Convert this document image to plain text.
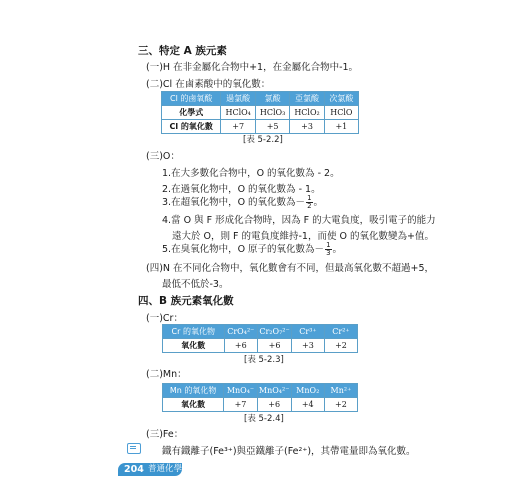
三、特定 A 族元素
(一)H 在非金屬化合物中+1，在金屬化合物中-1。
(二)Cl 在鹵素酸中的氧化數：
Cl 的鹵氧酸	過氯酸	氯酸	亞氯酸	次氯酸
化學式	HClO₄	HClO₃	HClO₂	HClO
Cl 的氧化數	+7	+5	+3	+1
[表 5-2.2]
(三)O：
1.在大多數化合物中，O 的氧化數為 - 2。
2.在過氧化物中，O 的氧化數為 - 1。
3.在超氧化物中，O 的氧化數為－ $\frac{1}{2}$ 。
4.當 O 與 F 形成化合物時，因為 F 的大電負度，吸引電子的能力
遠大於 O，則 F 的電負度維持-1，而使 O 的氧化數變為+值。
5.在臭氧化物中，O 原子的氧化數為－ $\frac{1}{3}$ 。
(四)N 在不同化合物中，氧化數會有不同，但最高氧化數不超過+5，
最低不低於-3。
四、B 族元素氧化數
(一)Cr：
Cr 的氧化物	CrO₄²⁻	Cr₂O₇²⁻	Cr³⁺	Cr²⁺
氧化數	+6	+6	+3	+2
[表 5-2.3]
(二)Mn：
Mn 的氧化物	MnO₄⁻	MnO₄²⁻	MnO₂	Mn²⁺
氧化數	+7	+6	+4	+2
[表 5-2.4]
(三)Fe：
鐵有鐵離子(Fe³⁺)與亞鐵離子(Fe²⁺)，其帶電量即為氧化數。
204 普通化學
